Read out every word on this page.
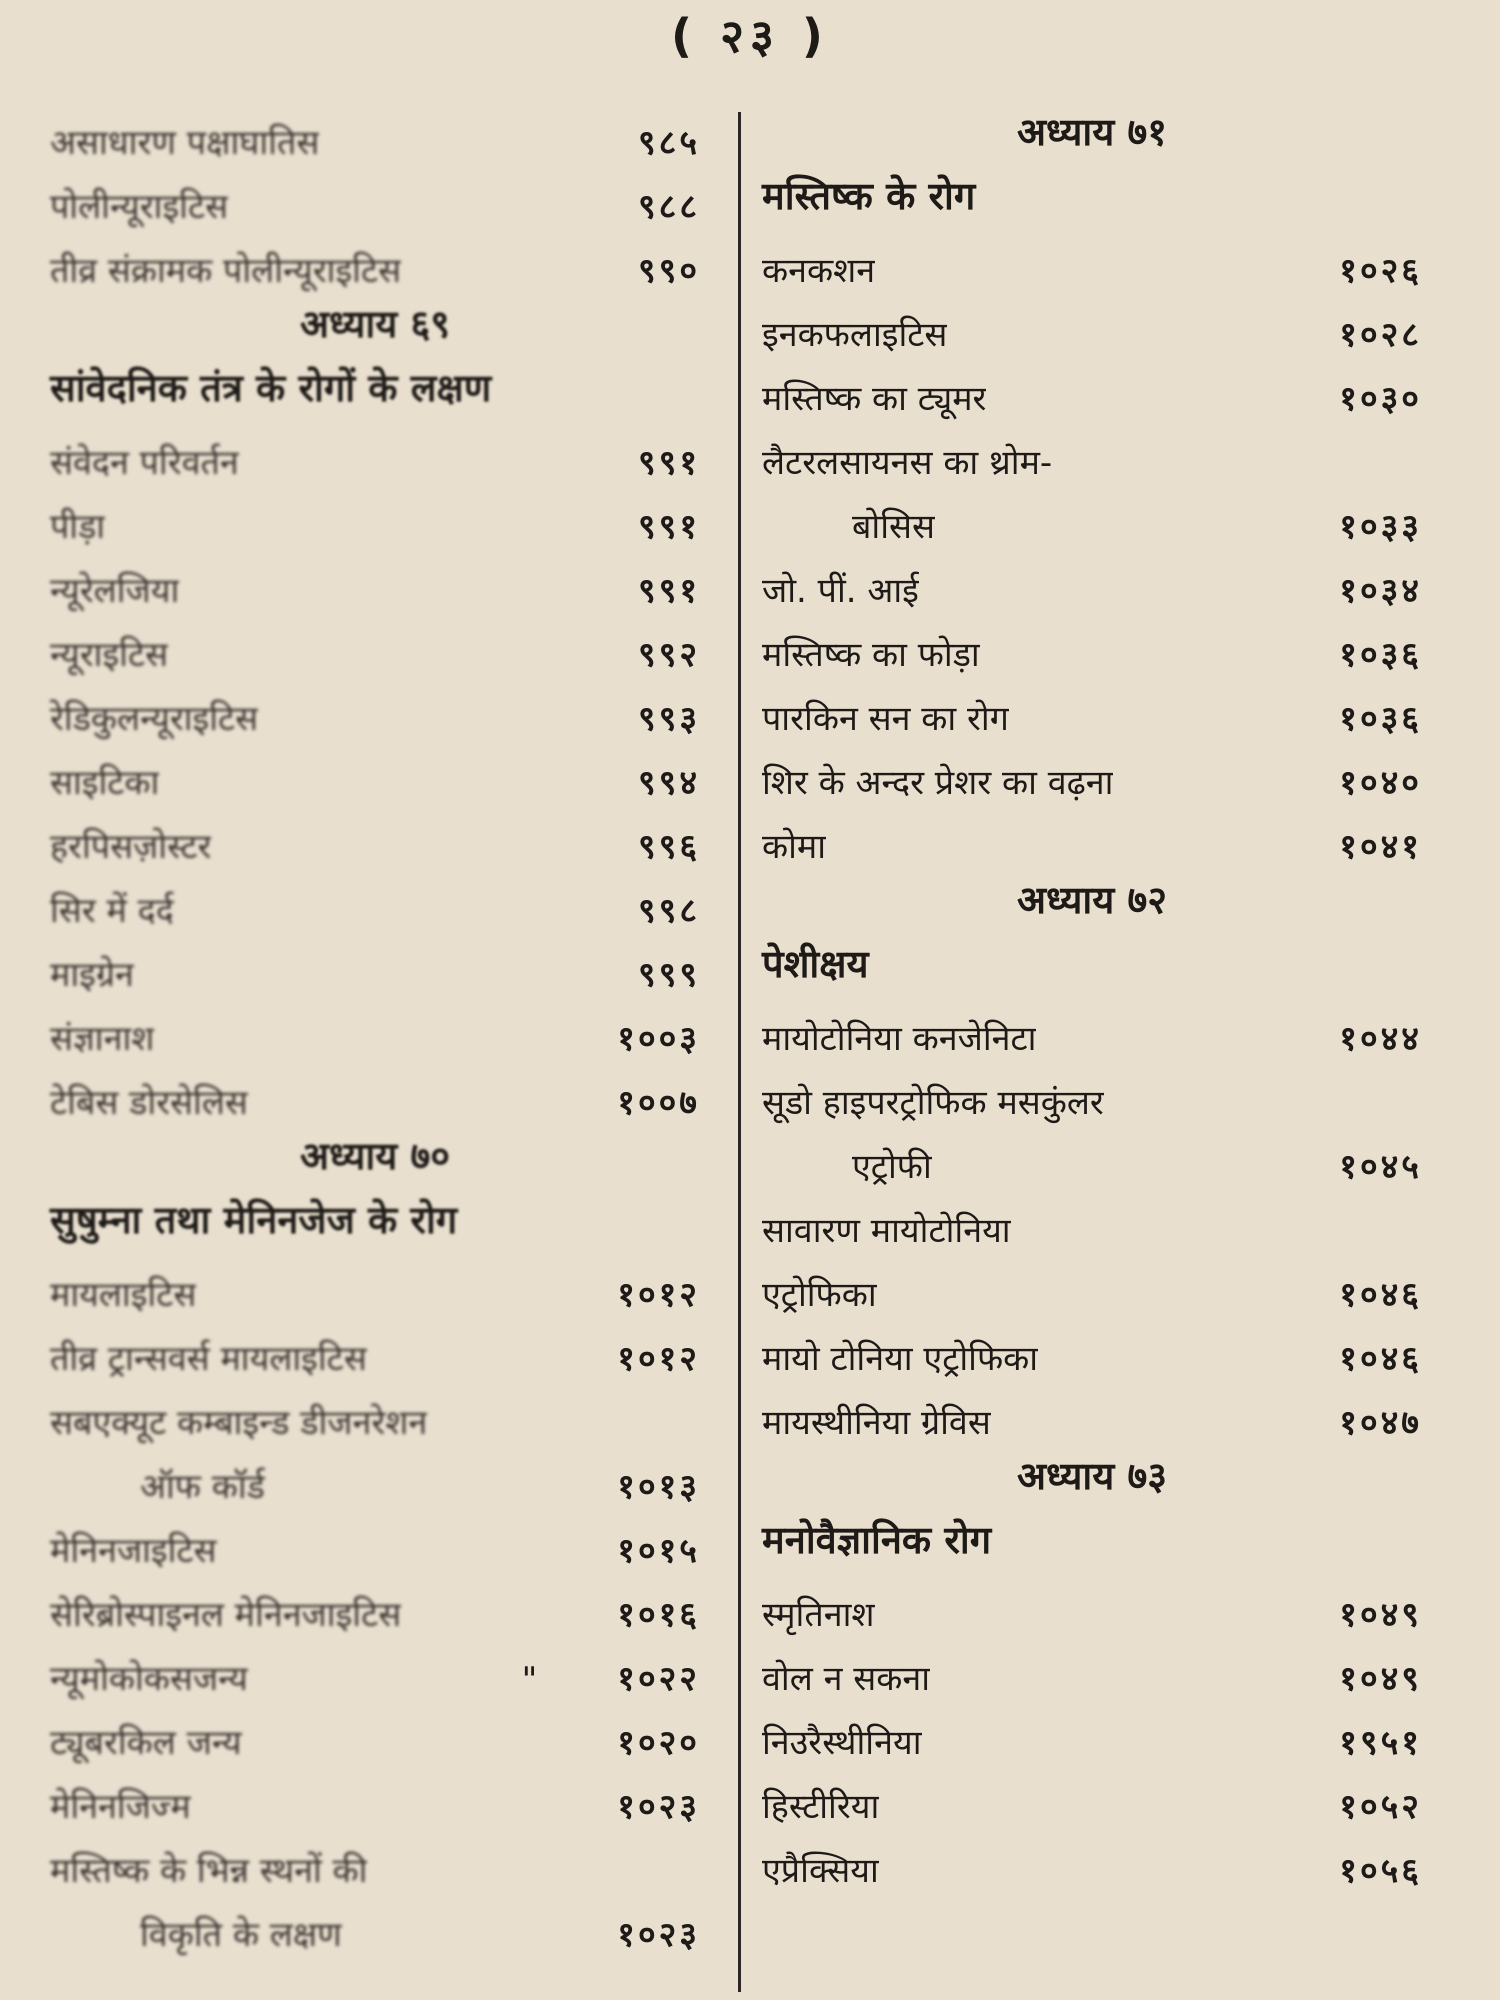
( २३ )
असाधारण पक्षाघातिस	९८५
पोलीन्यूराइटिस	९८८
तीव्र संक्रामक पोलीन्यूराइटिस	९९०
अध्याय ६९
सांवेदनिक तंत्र के रोगों के लक्षण
संवेदन परिवर्तन	९९१
पीड़ा	९९१
न्यूरेलजिया	९९१
न्यूराइटिस	९९२
रेडिकुलन्यूराइटिस	९९३
साइटिका	९९४
हरपिसज़ोस्टर	९९६
सिर में दर्द	९९८
माइग्रेन	९९९
संज्ञानाश	१००३
टेबिस डोरसेलिस	१००७
अध्याय ७०
सुषुम्ना तथा मेनिनजेज के रोग
मायलाइटिस	१०१२
तीव्र ट्रान्सवर्स मायलाइटिस	१०१२
सबएक्यूट कम्बाइन्ड डीजनरेशन
ऑफ कॉर्ड	१०१३
मेनिनजाइटिस	१०१५
सेरिब्रोस्पाइनल मेनिनजाइटिस	१०१६
न्यूमोकोकसजन्य	" १०२२
ट्यूबरकिल जन्य	१०२०
मेनिनजिज्म	१०२३
मस्तिष्क के भिन्न स्थनों की
विकृति के लक्षण	१०२३
अध्याय ७१
मस्तिष्क के रोग
कनकशन	१०२६
इनकफलाइटिस	१०२८
मस्तिष्क का ट्यूमर	१०३०
लैटरलसायनस का थ्रोम-
बोसिस	१०३३
जो. पीं. आई	१०३४
मस्तिष्क का फोड़ा	१०३६
पारकिन सन का रोग	१०३६
शिर के अन्दर प्रेशर का वढ़ना	१०४०
कोमा	१०४१
अध्याय ७२
पेशीक्षय
मायोटोनिया कनजेनिटा	१०४४
सूडो हाइपरट्रोफिक मसकुंलर
एट्रोफी	१०४५
सावारण मायोटोनिया
एट्रोफिका	१०४६
मायो टोनिया एट्रोफिका	१०४६
मायस्थीनिया ग्रेविस	१०४७
अध्याय ७३
मनोवैज्ञानिक रोग
स्मृतिनाश	१०४९
वोल न सकना	१०४९
निउरैस्थीनिया	१९५१
हिस्टीरिया	१०५२
एप्रैक्सिया	१०५६
